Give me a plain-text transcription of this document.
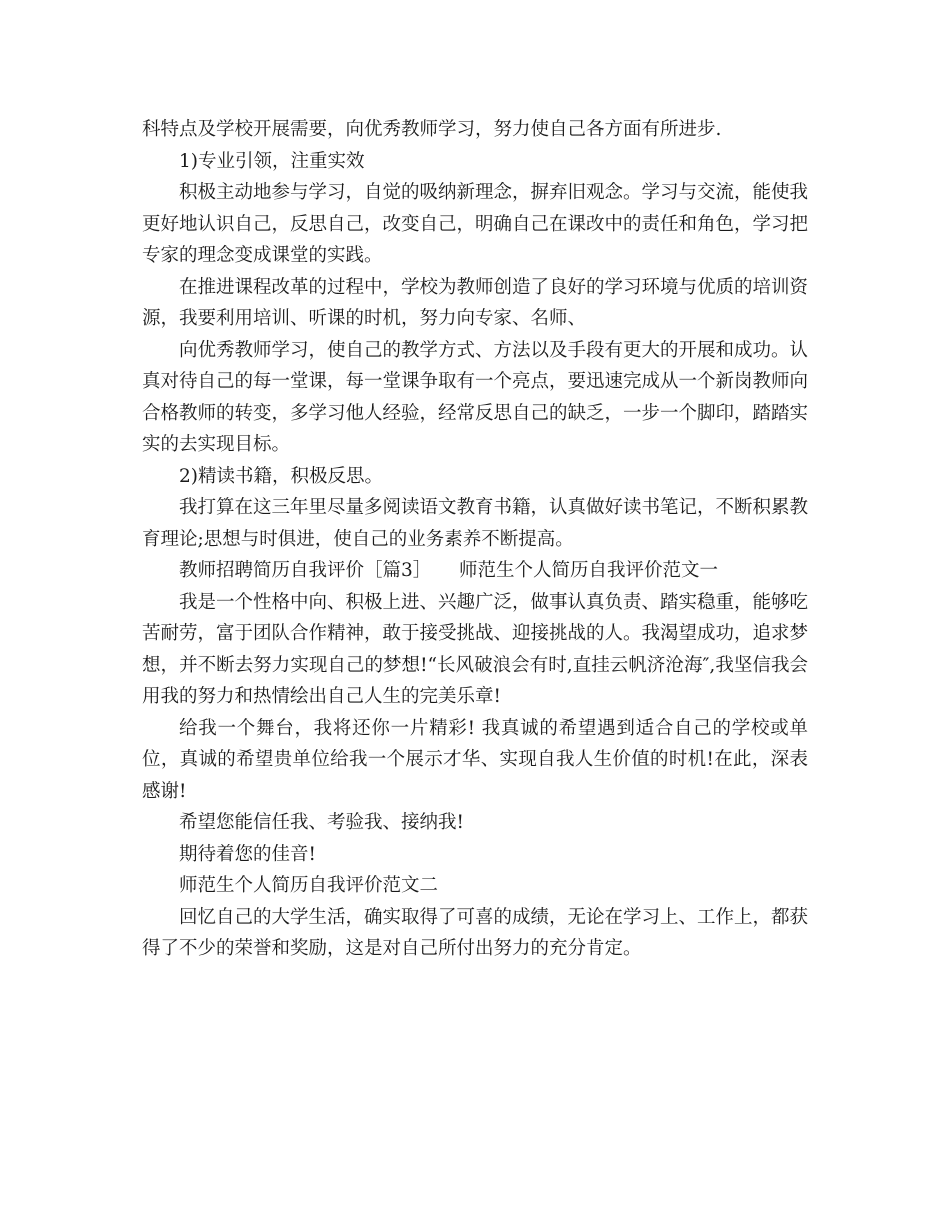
科特点及学校开展需要，向优秀教师学习，努力使自己各方面有所进步.

1)专业引领，注重实效

积极主动地参与学习，自觉的吸纳新理念，摒弃旧观念。学习与交流，能使我更好地认识自己，反思自己，改变自己，明确自己在课改中的责任和角色，学习把专家的理念变成课堂的实践。

在推进课程改革的过程中，学校为教师创造了良好的学习环境与优质的培训资源，我要利用培训、听课的时机，努力向专家、名师、

向优秀教师学习，使自己的教学方式、方法以及手段有更大的开展和成功。认真对待自己的每一堂课，每一堂课争取有一个亮点，要迅速完成从一个新岗教师向合格教师的转变，多学习他人经验，经常反思自己的缺乏，一步一个脚印，踏踏实实的去实现目标。

2)精读书籍，积极反思。

我打算在这三年里尽量多阅读语文教育书籍，认真做好读书笔记，不断积累教育理论;思想与时俱进，使自己的业务素养不断提高。

教师招聘简历自我评价［篇3］　　师范生个人简历自我评价范文一

我是一个性格中向、积极上进、兴趣广泛，做事认真负责、踏实稳重，能够吃苦耐劳，富于团队合作精神，敢于接受挑战、迎接挑战的人。我渴望成功，追求梦想，并不断去努力实现自己的梦想!“长风破浪会有时,直挂云帆济沧海″,我坚信我会用我的努力和热情绘出自己人生的完美乐章!

给我一个舞台，我将还你一片精彩! 我真诚的希望遇到适合自己的学校或单位，真诚的希望贵单位给我一个展示才华、实现自我人生价值的时机!在此，深表感谢!

希望您能信任我、考验我、接纳我!

期待着您的佳音!

师范生个人简历自我评价范文二

回忆自己的大学生活，确实取得了可喜的成绩，无论在学习上、工作上，都获得了不少的荣誉和奖励，这是对自己所付出努力的充分肯定。
